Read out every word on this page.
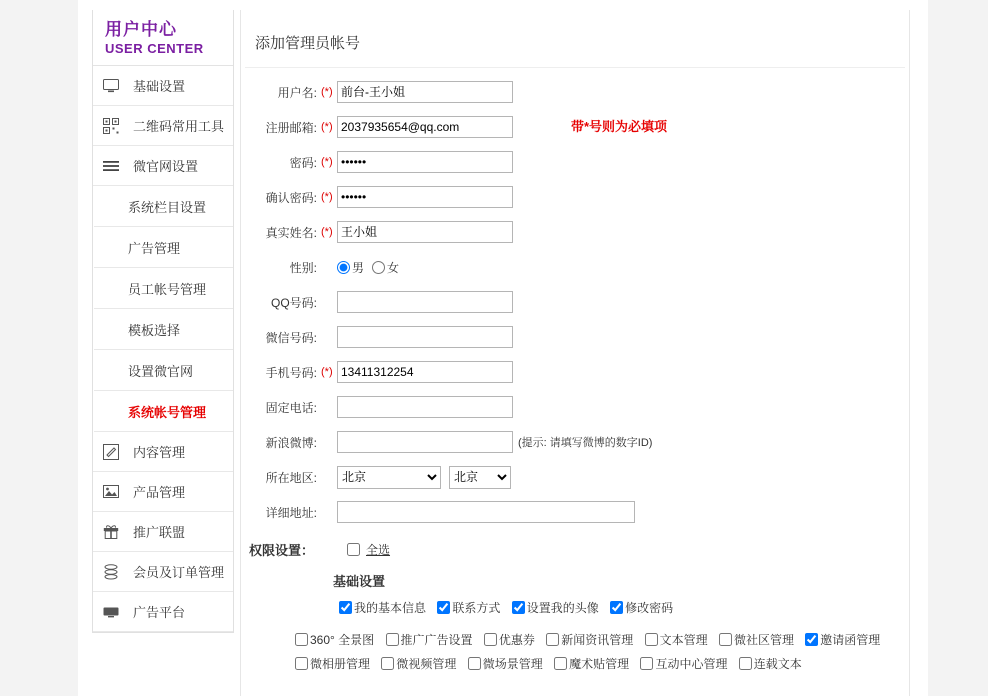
用户中心
USER CENTER
基础设置
二维码常用工具
微官网设置
系统栏目设置
广告管理
员工帐号管理
模板选择
设置微官网
系统帐号管理
内容管理
产品管理
推广联盟
会员及订单管理
广告平台
添加管理员帐号
带*号则为必填项
用户名: (*)
前台-王小姐
注册邮箱: (*)
2037935654@qq.com
密码: (*)
确认密码: (*)
真实姓名: (*)
王小姐
性别:	男 女
QQ号码:
微信号码:
手机号码: (*)
13411312254
固定电话:
新浪微博:	(提示: 请填写微博的数字ID)
所在地区:
北京
北京
详细地址:
权限设置：	全选
基础设置
我的基本信息 联系方式 设置我的头像 修改密码
360° 全景图 推广广告设置 优惠券 新闻资讯管理 文本管理 微社区管理 邀请函管理 微相册管理 微视频管理 微场景管理 魔术贴管理 互动中心管理 连载文本
